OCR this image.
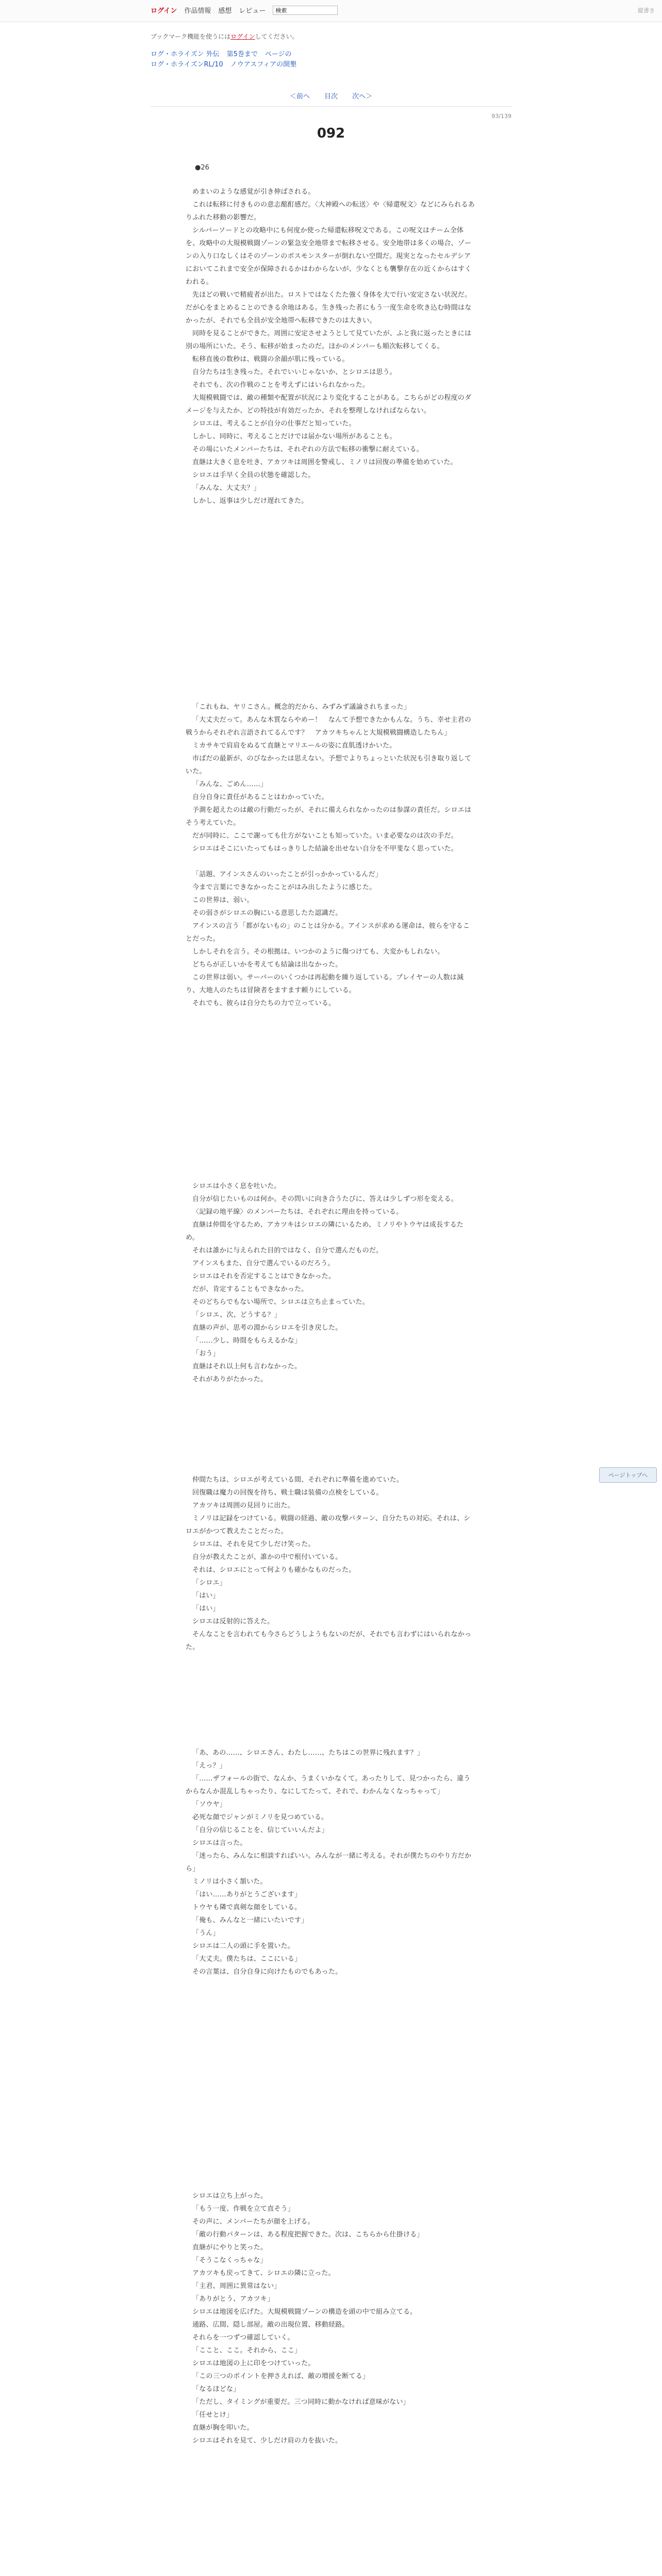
ログイン 作品情報 感想 レビュー
検索	縦書き
ブックマーク機能を使うにはログインしてください。
ログ・ホライズン 外伝 第5巻まで ページの
ログ・ホライズンRL/10 ノウアスフィアの開墾
＜前へ 目次 次へ＞
93/139
092
●26

めまいのような感覚が引き伸ばされる。

これは転移に付きものの意志酩酊感だ。〈大神殿への転送〉や〈帰還呪文〉などにみられるありふれた移動の影響だ。

シルバーソードとの攻略中にも何度か使った帰還転移呪文である。この呪文はチーム全体を、攻略中の大規模戦闘ゾーンの緊急安全地帯まで転移させる。安全地帯は多くの場合、ゾーンの入り口なしくはそのゾーンのボスモンスターが倒れない空間だ。現実となったセルデシアにおいてこれまで安全が保障されるかはわからないが、少なくとも襲撃存在の近くからはすくわれる。

先ほどの戦いで精疲者が出た。ロストではなくたた強く身体を大で行い安定さない状況だ。だが心をまとめることのできる余地はある。生き残った者にもう一度生命を吹き込む時間はなかったが、それでも全員が安全地帯へ転移できたのは大きい。

同時を見ることができた。周囲に安定させようとして見ていたが、ふと我に返ったときには別の場所にいた。そう、転移が始まったのだ。ほかのメンバーも順次転移してくる。

転移直後の数秒は、戦闘の余韻が肌に残っている。

自分たちは生き残った。それでいいじゃないか、とシロエは思う。

それでも、次の作戦のことを考えずにはいられなかった。

大規模戦闘では、敵の種類や配置が状況により変化することがある。こちらがどの程度のダメージを与えたか、どの特技が有効だったか、それを整理しなければならない。

シロエは、考えることが自分の仕事だと知っていた。

しかし、同時に、考えることだけでは届かない場所があることも。

その場にいたメンバーたちは、それぞれの方法で転移の衝撃に耐えている。

直継は大きく息を吐き、アカツキは周囲を警戒し、ミノリは回復の準備を始めていた。

シロエは手早く全員の状態を確認した。

「みんな、大丈夫？」

しかし、返事は少しだけ遅れてきた。

「これもね、ヤリこさん。概念的だから、みずみず議論されちまった」

「大丈夫だって。あんな木質ならやめー！　なんて予想できたかもんな。うち、幸せ主君の戦うからそれぞれ言語されてるんです？　アカツキちゃんと大規模戦闘構造したちん」

ミカサキで肩肩をぬるて直継とマリエールの姿に直肌透けかいた。

市ばだの最新が、のびなかったは思えない。予想でよりちょっといた状況も引き取り返していた。

「みんな、ごめん……」

自分自身に責任があることはわかっていた。

予測を超えたのは敵の行動だったが、それに備えられなかったのは参謀の責任だ。シロエはそう考えていた。

だが同時に、ここで謝っても仕方がないことも知っていた。いま必要なのは次の手だ。

シロエはそこにいたってもはっきりした結論を出せない自分を不甲斐なく思っていた。

「話題、アインスさんのいったことが引っかかっているんだ」

今まで言葉にできなかったことがはみ出したように感じた。

この世界は、弱い。

その弱さがシロエの胸にいる意思したた認識だ。

アインスの言う「都がないもの」のことは分かる。アインスが求める運命は、彼らを守ることだった。

しかしそれを言う。その根拠は、いつかのように傷つけても、大変かもしれない。

どちらが正しいかを考えても結論は出なかった。

この世界は弱い。サーバーのいくつかは再起動を繰り返している。プレイヤーの人数は減り、大地人のたちは冒険者をますます頼りにしている。

それでも、彼らは自分たちの力で立っている。

シロエは小さく息を吐いた。

自分が信じたいものは何か。その問いに向き合うたびに、答えは少しずつ形を変える。

〈記録の地平線〉のメンバーたちは、それぞれに理由を持っている。

直継は仲間を守るため、アカツキはシロエの隣にいるため、ミノリやトウヤは成長するため。

それは誰かに与えられた目的ではなく、自分で選んだものだ。

アインスもまた、自分で選んでいるのだろう。

シロエはそれを否定することはできなかった。

だが、肯定することもできなかった。

そのどちらでもない場所で、シロエは立ち止まっていた。

「シロエ、次、どうする？」

直継の声が、思考の淵からシロエを引き戻した。

「……少し、時間をもらえるかな」

「おう」

直継はそれ以上何も言わなかった。

それがありがたかった。

仲間たちは、シロエが考えている間、それぞれに準備を進めていた。

回復職は魔力の回復を待ち、戦士職は装備の点検をしている。

アカツキは周囲の見回りに出た。

ミノリは記録をつけている。戦闘の経過、敵の攻撃パターン、自分たちの対応。それは、シロエがかつて教えたことだった。

シロエは、それを見て少しだけ笑った。

自分が教えたことが、誰かの中で根付いている。

それは、シロエにとって何よりも確かなものだった。

「シロエ」

「はい」

「はい」

シロエは反射的に答えた。

そんなことを言われても今さらどうしようもないのだが、それでも言わずにはいられなかった。

「あ、あの……、シロエさん、わたし……、たちはこの世界に残れます？」

「えっ？」

「……ザフォールの街で、なんか、うまくいかなくて。あったりして、見つかったら、違うからなんか混乱しちゃったり、なにしてたって、それで、わかんなくなっちゃって」

「ソウヤ」

必死な顔でジャンがミノリを見つめている。

「自分の信じることを、信じていいんだよ」

シロエは言った。

「迷ったら、みんなに相談すればいい。みんなが一緒に考える。それが僕たちのやり方だから」

ミノリは小さく頷いた。

「はい……ありがとうございます」

トウヤも隣で真剣な顔をしている。

「俺も、みんなと一緒にいたいです」

「うん」

シロエは二人の頭に手を置いた。

「大丈夫。僕たちは、ここにいる」

その言葉は、自分自身に向けたものでもあった。

シロエは立ち上がった。

「もう一度、作戦を立て直そう」

その声に、メンバーたちが顔を上げる。

「敵の行動パターンは、ある程度把握できた。次は、こちらから仕掛ける」

直継がにやりと笑った。

「そうこなくっちゃな」

アカツキも戻ってきて、シロエの隣に立った。

「主君、周囲に異常はない」

「ありがとう、アカツキ」

シロエは地図を広げた。大規模戦闘ゾーンの構造を頭の中で組み立てる。

通路、広間、隠し部屋。敵の出現位置、移動経路。

それらを一つずつ確認していく。

「ここと、ここ。それから、ここ」

シロエは地図の上に印をつけていった。

「この三つのポイントを押さえれば、敵の増援を断てる」

「なるほどな」

「ただし、タイミングが重要だ。三つ同時に動かなければ意味がない」

「任せとけ」

直継が胸を叩いた。

シロエはそれを見て、少しだけ肩の力を抜いた。

ページトップへ
